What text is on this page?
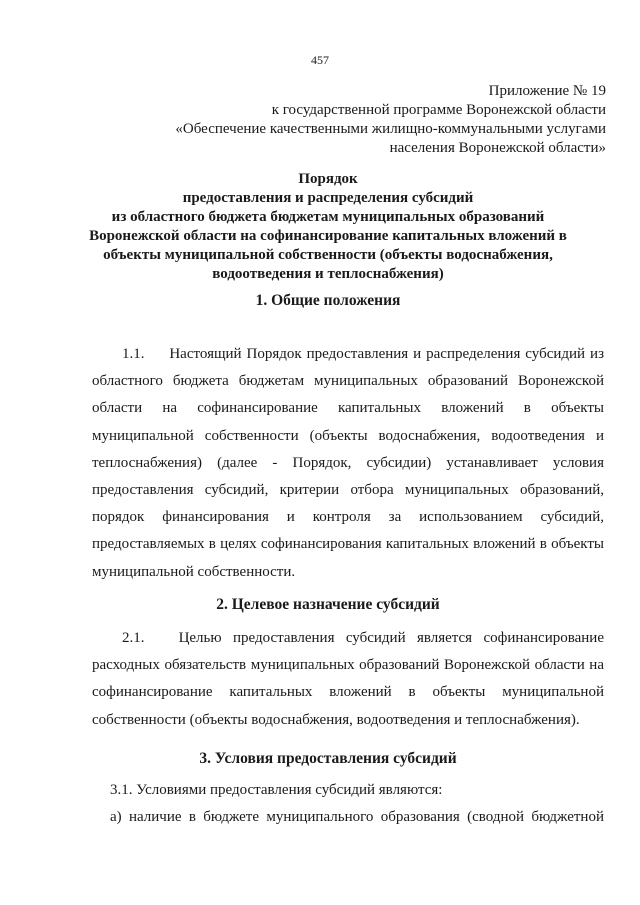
457
Приложение № 19
к государственной программе Воронежской области
«Обеспечение качественными жилищно-коммунальными услугами
населения Воронежской области»
Порядок
предоставления и распределения субсидий
из областного бюджета бюджетам муниципальных образований
Воронежской области на софинансирование капитальных вложений в
объекты муниципальной собственности (объекты водоснабжения,
водоотведения и теплоснабжения)
1. Общие положения
1.1.     Настоящий Порядок предоставления и распределения субсидий из
областного бюджета бюджетам муниципальных образований Воронежской
области на софинансирование капитальных вложений в объекты
муниципальной собственности (объекты водоснабжения, водоотведения и
теплоснабжения) (далее - Порядок, субсидии) устанавливает условия
предоставления субсидий, критерии отбора муниципальных образований,
порядок финансирования и контроля за использованием субсидий,
предоставляемых в целях софинансирования капитальных вложений в объекты
муниципальной собственности.
2. Целевое назначение субсидий
2.1.   Целью предоставления субсидий является софинансирование
расходных обязательств муниципальных образований Воронежской области на
софинансирование капитальных вложений в объекты муниципальной
собственности (объекты водоснабжения, водоотведения и теплоснабжения).
3. Условия предоставления субсидий
3.1. Условиями предоставления субсидий являются:
а) наличие в бюджете муниципального образования (сводной бюджетной
